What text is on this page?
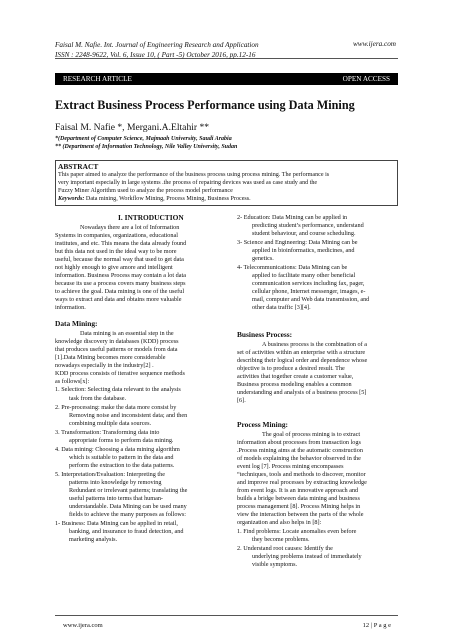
Faisal M. Nafie. Int. Journal of Engineering Research and Application
ISSN : 2248-9622, Vol. 6, Issue 10, ( Part -5) October 2016, pp.12-16
www.ijera.com
RESEARCH ARTICLE	OPEN ACCESS
Extract Business Process Performance using Data Mining
Faisal M. Nafie *, Mergani.A.Eltahir **
*(Department of Computer Science, Majmaah University, Saudi Arabia
** (Department of Information Technology, Nile Valley University, Sudan
ABSTRACT
This paper aimed to analyze the performance of the business process using process mining. The performance is
very important especially in large systems .the process of repairing devices was used as case study and the
Fuzzy Miner Algorithm used to analyze the process model performance
Keywords: Data mining, Workflow Mining, Process Mining, Business Process.
I. INTRODUCTION
Nowadays there are a lot of Information
Systems in companies, organizations, educational
institutes, and etc. This means the data already found
but this data not used in the ideal way to be more
useful, because the normal way that used to get data
not highly enough to give amore and intelligent
information. Business Process may contain a lot data
because its use a process covers many business steps
to achieve the goal. Data mining is one of the useful
ways to extract and data and obtains more valuable
information.
Data Mining:
Data mining is an essential step in the
knowledge discovery in databases (KDD) process
that produces useful patterns or models from data
[1].Data Mining becomes more considerable
nowadays especially in the industry[2] .
KDD process consists of iterative sequence methods
as follows[x]:
1. Selection: Selecting data relevant to the analysis
task from the database.
2. Pre-processing: make the data more consist by
Removing noise and inconsistent data; and then
combining multiple data sources.
3. Transformation: Transforming data into
appropriate forms to perform data mining.
4. Data mining: Choosing a data mining algorithm
which is suitable to pattern in the data and
perform the extraction to the data patterns.
5. Interpretation/Evaluation: Interpreting the
patterns into knowledge by removing
Redundant or irrelevant patterns; translating the
useful patterns into terms that human-
understandable. Data Mining can be used many
fields to achieve the many purposes as follows:
1- Business: Data Mining can be applied in retail,
banking, and insurance to fraud detection, and
marketing analysis.
2- Education: Data Mining can be applied in
predicting student’s performance, understand
student behaviour, and course scheduling.
3- Science and Engineering: Data Mining can be
applied in bioinformatics, medicines, and
genetics.
4- Telecommunications: Data Mining can be
applied to facilitate many other beneficial
communication services including fax, pager,
cellular phone, Internet messenger, images, e-
mail, computer and Web data transmission, and
other data traffic [3][4].
Business Process:
A business process is the combination of a
set of activities within an enterprise with a structure
describing their logical order and dependence whose
objective is to produce a desired result. The
activities that together create a customer value,
Business process modeling enables a common
understanding and analysis of a business process [5]
[6].
Process Mining:
The goal of process mining is to extract
information about processes from transaction logs
.Process mining aims at the automatic construction
of models explaining the behavior observed in the
event log [7]. Process mining encompasses
“techniques, tools and methods to discover, monitor
and improve real processes by extracting knowledge
from event logs. It is an innovative approach and
builds a bridge between data mining and business
process management [8]. Process Mining helps in
view the interaction between the parts of the whole
organization and also helps in [8]:
1. Find problems: Locate anomalies even before
they become problems.
2. Understand root causes: Identify the
underlying problems instead of immediately
visible symptoms.
www.ijera.com	12 | P a g e
